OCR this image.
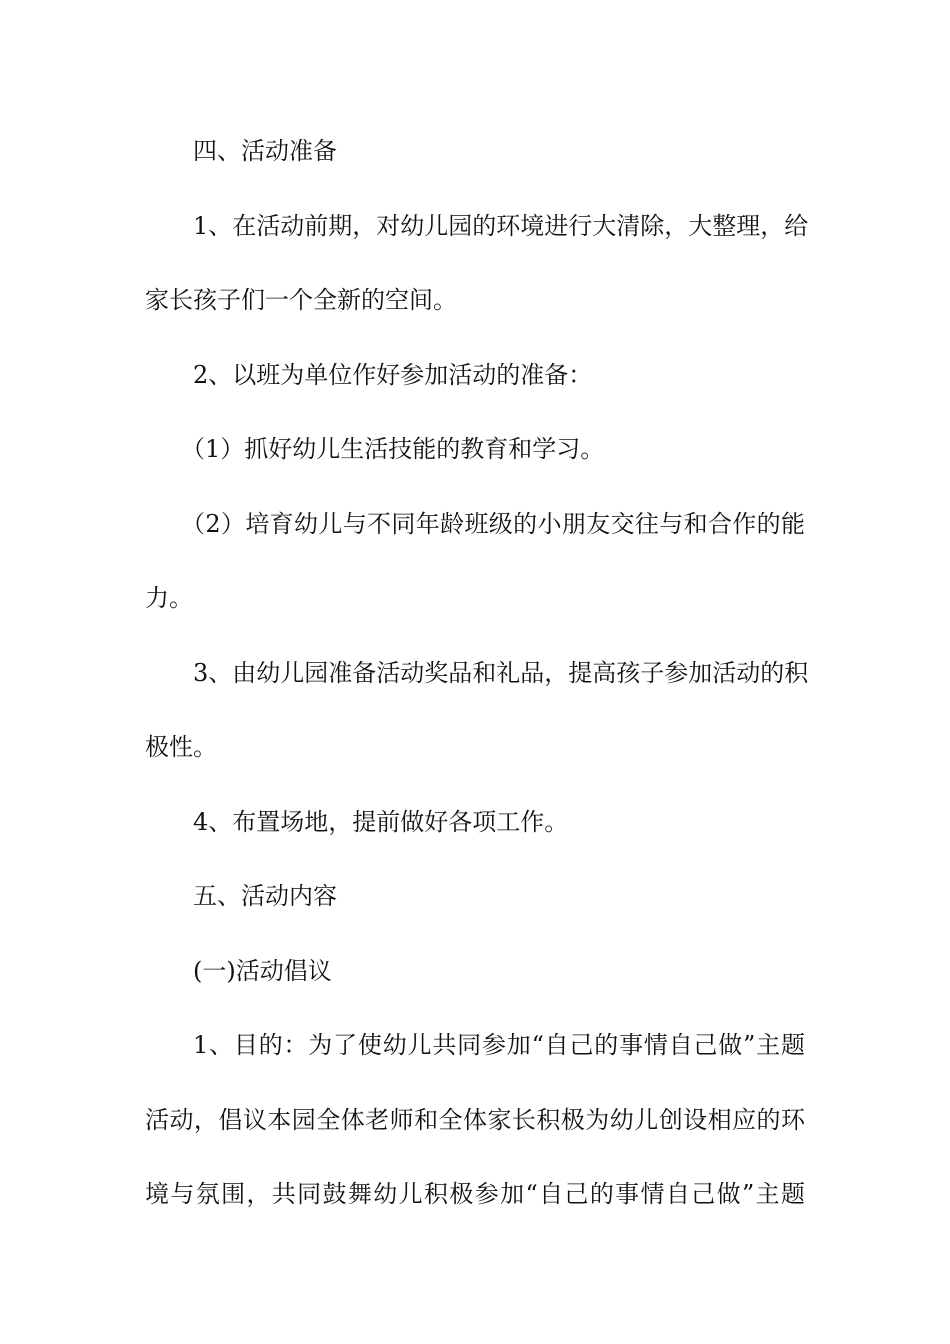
四、活动准备
1、在活动前期，对幼儿园的环境进行大清除，大整理，给
家长孩子们一个全新的空间。
2、以班为单位作好参加活动的准备：
（1）抓好幼儿生活技能的教育和学习。
（2）培育幼儿与不同年龄班级的小朋友交往与和合作的能
力。
3、由幼儿园准备活动奖品和礼品，提高孩子参加活动的积
极性。
4、布置场地，提前做好各项工作。
五、活动内容
(一)活动倡议
1、目的：为了使幼儿共同参加“自己的事情自己做”主题
活动，倡议本园全体老师和全体家长积极为幼儿创设相应的环
境与氛围，共同鼓舞幼儿积极参加“自己的事情自己做”主题
